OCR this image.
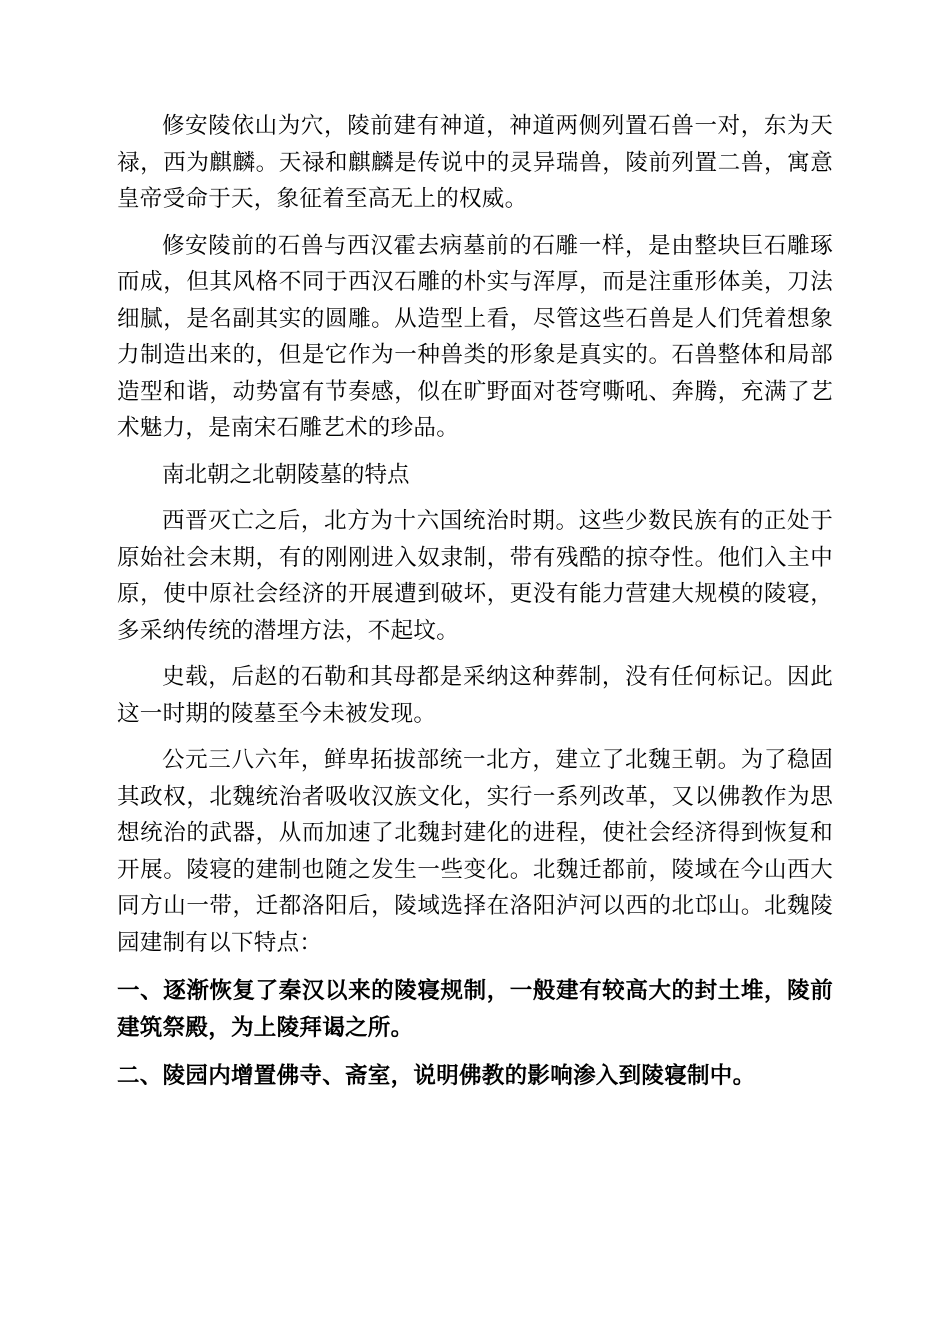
修安陵依山为穴，陵前建有神道，神道两侧列置石兽一对，东为天禄，西为麒麟。天禄和麒麟是传说中的灵异瑞兽，陵前列置二兽，寓意皇帝受命于天，象征着至高无上的权威。

修安陵前的石兽与西汉霍去病墓前的石雕一样，是由整块巨石雕琢而成，但其风格不同于西汉石雕的朴实与浑厚，而是注重形体美，刀法细腻，是名副其实的圆雕。从造型上看，尽管这些石兽是人们凭着想象力制造出来的，但是它作为一种兽类的形象是真实的。石兽整体和局部造型和谐，动势富有节奏感，似在旷野面对苍穹嘶吼、奔腾，充满了艺术魅力，是南宋石雕艺术的珍品。

南北朝之北朝陵墓的特点

西晋灭亡之后，北方为十六国统治时期。这些少数民族有的正处于原始社会末期，有的刚刚进入奴隶制，带有残酷的掠夺性。他们入主中原，使中原社会经济的开展遭到破坏，更没有能力营建大规模的陵寝，多采纳传统的潜埋方法，不起坟。

史载，后赵的石勒和其母都是采纳这种葬制，没有任何标记。因此这一时期的陵墓至今未被发现。

公元三八六年，鲜卑拓拔部统一北方，建立了北魏王朝。为了稳固其政权，北魏统治者吸收汉族文化，实行一系列改革，又以佛教作为思想统治的武器，从而加速了北魏封建化的进程，使社会经济得到恢复和开展。陵寝的建制也随之发生一些变化。北魏迁都前，陵域在今山西大同方山一带，迁都洛阳后，陵域选择在洛阳泸河以西的北邙山。北魏陵园建制有以下特点：

一、逐渐恢复了秦汉以来的陵寝规制，一般建有较高大的封土堆，陵前建筑祭殿，为上陵拜谒之所。

二、陵园内增置佛寺、斋室，说明佛教的影响渗入到陵寝制中。
